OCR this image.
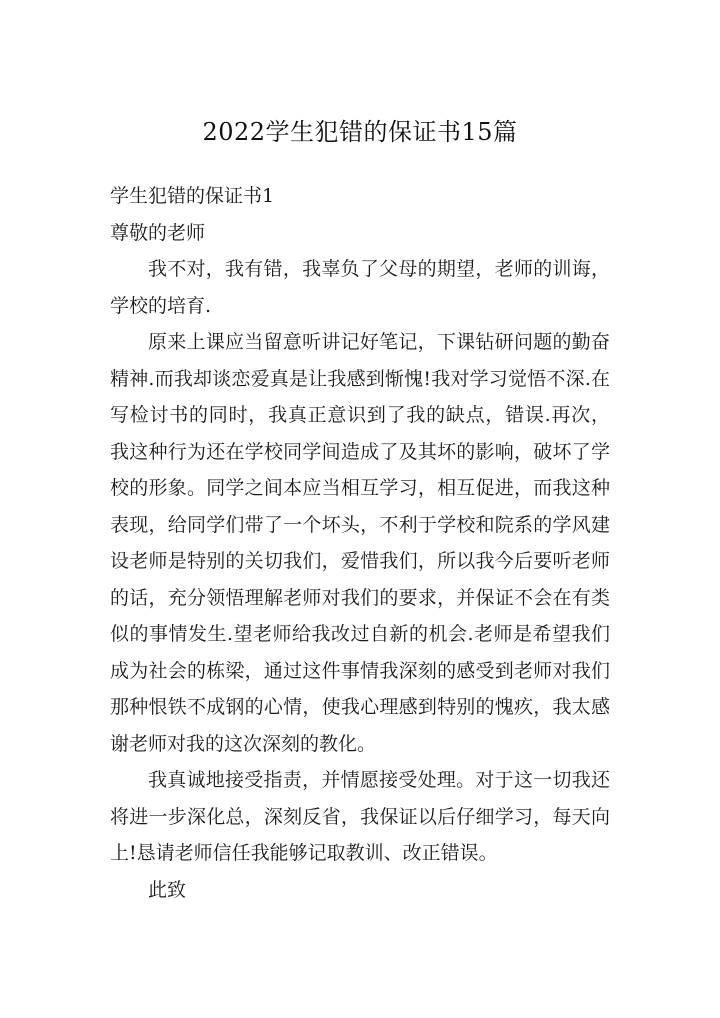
2022学生犯错的保证书15篇

学生犯错的保证书1

尊敬的老师

我不对，我有错，我辜负了父母的期望，老师的训诲，学校的培育.

原来上课应当留意听讲记好笔记，下课钻研问题的勤奋精神.而我却谈恋爱真是让我感到惭愧!我对学习觉悟不深.在写检讨书的同时，我真正意识到了我的缺点，错误.再次，我这种行为还在学校同学间造成了及其坏的影响，破坏了学校的形象。同学之间本应当相互学习，相互促进，而我这种表现，给同学们带了一个坏头，不利于学校和院系的学风建设老师是特别的关切我们，爱惜我们，所以我今后要听老师的话，充分领悟理解老师对我们的要求，并保证不会在有类似的事情发生.望老师给我改过自新的机会.老师是希望我们成为社会的栋梁，通过这件事情我深刻的感受到老师对我们那种恨铁不成钢的心情，使我心理感到特别的愧疚，我太感谢老师对我的这次深刻的教化。

我真诚地接受指责，并情愿接受处理。对于这一切我还将进一步深化总，深刻反省，我保证以后仔细学习，每天向上!恳请老师信任我能够记取教训、改正错误。

此致
